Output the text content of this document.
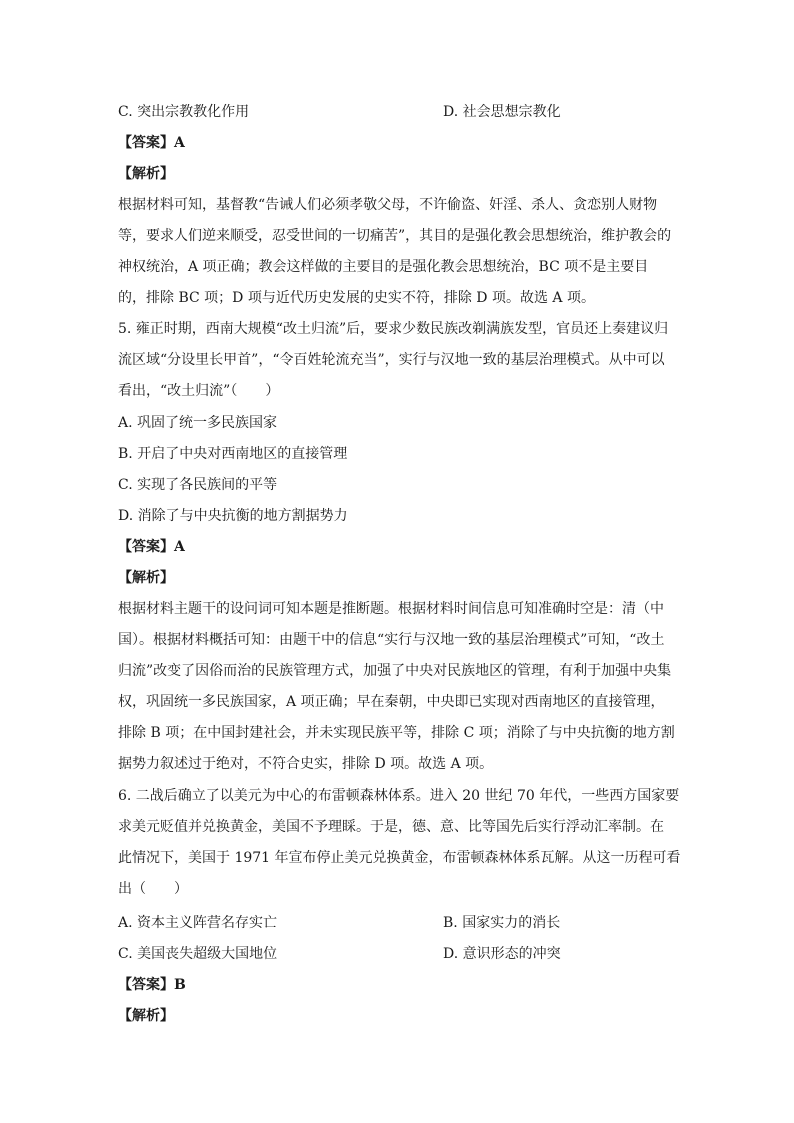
C. 突出宗教教化作用	D. 社会思想宗教化
【答案】A
【解析】
根据材料可知，基督教“告诫人们必须孝敬父母，不许偷盗、奸淫、杀人、贪恋别人财物
等，要求人们逆来顺受，忍受世间的一切痛苦”，其目的是强化教会思想统治，维护教会的
神权统治，A 项正确；教会这样做的主要目的是强化教会思想统治，BC 项不是主要目
的，排除 BC 项；D 项与近代历史发展的史实不符，排除 D 项。故选 A 项。
5. 雍正时期，西南大规模“改土归流”后，要求少数民族改剃满族发型，官员还上奏建议归
流区域“分设里长甲首”，“令百姓轮流充当”，实行与汉地一致的基层治理模式。从中可以
看出，“改土归流”（　　）
A. 巩固了统一多民族国家
B. 开启了中央对西南地区的直接管理
C. 实现了各民族间的平等
D. 消除了与中央抗衡的地方割据势力
【答案】A
【解析】
根据材料主题干的设问词可知本题是推断题。根据材料时间信息可知准确时空是：清（中
国）。根据材料概括可知：由题干中的信息“实行与汉地一致的基层治理模式”可知，“改土
归流”改变了因俗而治的民族管理方式，加强了中央对民族地区的管理，有利于加强中央集
权，巩固统一多民族国家，A 项正确；早在秦朝，中央即已实现对西南地区的直接管理，
排除 B 项；在中国封建社会，并未实现民族平等，排除 C 项；消除了与中央抗衡的地方割
据势力叙述过于绝对，不符合史实，排除 D 项。故选 A 项。
6. 二战后确立了以美元为中心的布雷顿森林体系。进入 20 世纪 70 年代，一些西方国家要
求美元贬值并兑换黄金，美国不予理睬。于是，德、意、比等国先后实行浮动汇率制。在
此情况下，美国于 1971 年宣布停止美元兑换黄金，布雷顿森林体系瓦解。从这一历程可看
出（　　）
A. 资本主义阵营名存实亡	B. 国家实力的消长
C. 美国丧失超级大国地位	D. 意识形态的冲突
【答案】B
【解析】
